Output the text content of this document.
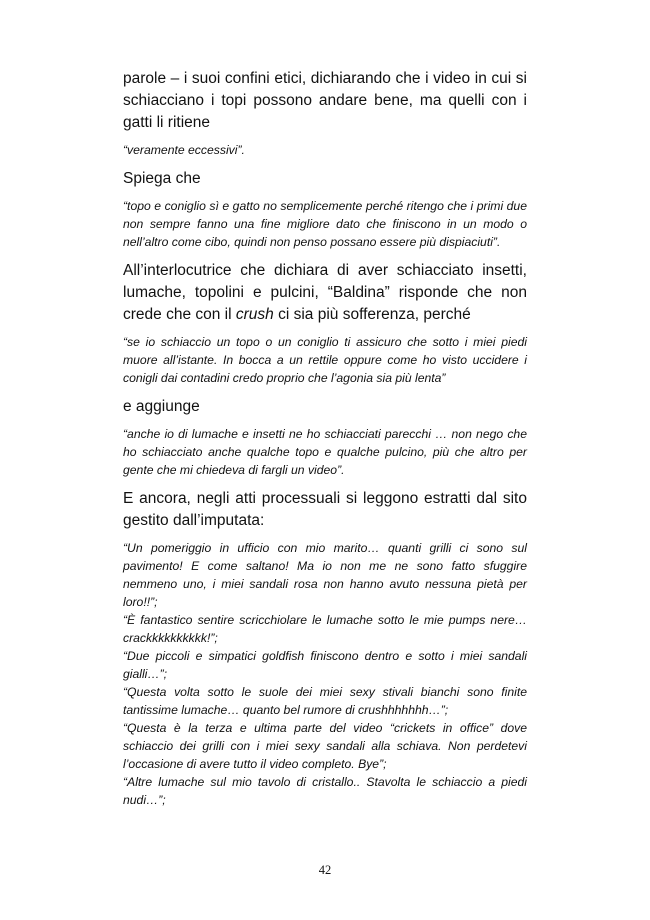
parole – i suoi confini etici, dichiarando che i video in cui si schiacciano i topi possono andare bene, ma quelli con i gatti li ritiene

“veramente eccessivi”.

Spiega che

“topo e coniglio sì e gatto no semplicemente perché ritengo che i primi due non sempre fanno una fine migliore dato che finiscono in un modo o nell’altro come cibo, quindi non penso possano essere più dispiaciuti”.

All’interlocutrice che dichiara di aver schiacciato insetti, lumache, topolini e pulcini, “Baldina” risponde che non crede che con il crush ci sia più sofferenza, perché

“se io schiaccio un topo o un coniglio ti assicuro che sotto i miei piedi muore all’istante. In bocca a un rettile oppure come ho visto uccidere i conigli dai contadini credo proprio che l’agonia sia più lenta”

e aggiunge

“anche io di lumache e insetti ne ho schiacciati parecchi … non nego che ho schiacciato anche qualche topo e qualche pulcino, più che altro per gente che mi chiedeva di fargli un video”.

E ancora, negli atti processuali si leggono estratti dal sito gestito dall’imputata:

“Un pomeriggio in ufficio con mio marito… quanti grilli ci sono sul pavimento! E come saltano! Ma io non me ne sono fatto sfuggire nemmeno uno, i miei sandali rosa non hanno avuto nessuna pietà per loro!!”;

“È fantastico sentire scricchiolare le lumache sotto le mie pumps nere… crackkkkkkkkkk!”;

“Due piccoli e simpatici goldfish finiscono dentro e sotto i miei sandali gialli…”;

“Questa volta sotto le suole dei miei sexy stivali bianchi sono finite tantissime lumache… quanto bel rumore di crushhhhhhh…”;

“Questa è la terza e ultima parte del video “crickets in office” dove schiaccio dei grilli con i miei sexy sandali alla schiava. Non perdetevi l’occasione di avere tutto il video completo. Bye”;

“Altre lumache sul mio tavolo di cristallo.. Stavolta le schiaccio a piedi nudi…”;

42
